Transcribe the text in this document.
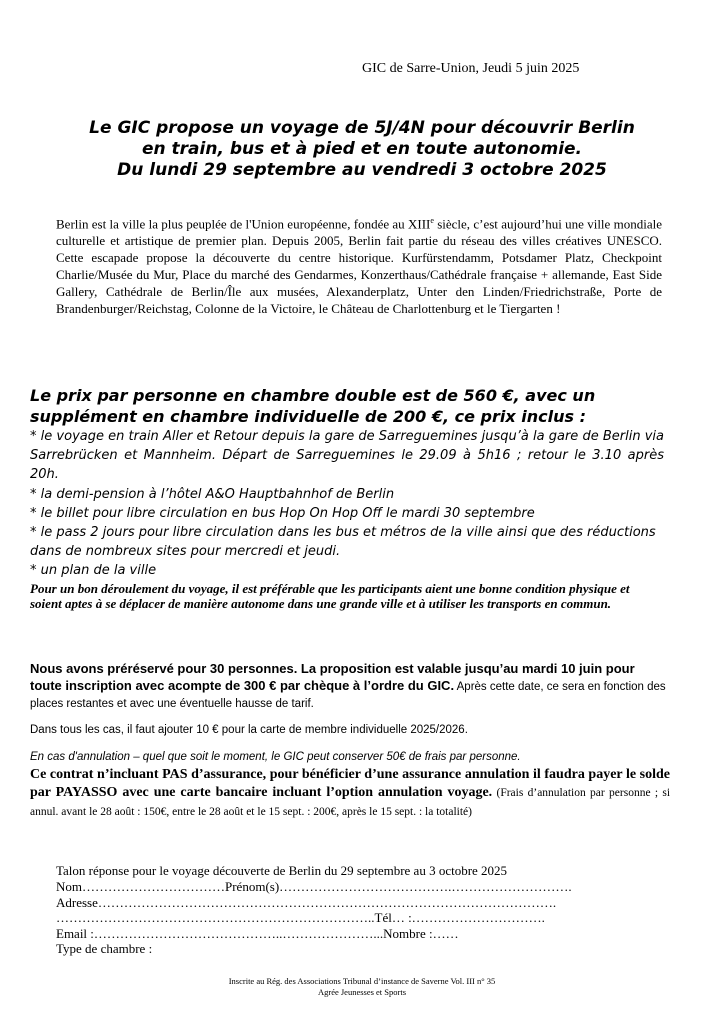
GIC de Sarre-Union, Jeudi 5 juin 2025

Le GIC propose un voyage de 5J/4N pour découvrir Berlin

en train, bus et à pied et en toute autonomie.

Du lundi 29 septembre au vendredi 3 octobre 2025

Berlin est la ville la plus peuplée de l'Union européenne, fondée au XIIIe siècle, c’est aujourd’hui une ville mondiale culturelle et artistique de premier plan. Depuis 2005, Berlin fait partie du réseau des villes créatives UNESCO. Cette escapade propose la découverte du centre historique. Kurfürstendamm, Potsdamer Platz, Checkpoint Charlie/Musée du Mur, Place du marché des Gendarmes, Konzerthaus/Cathédrale française + allemande, East Side Gallery, Cathédrale de Berlin/Île aux musées, Alexanderplatz, Unter den Linden/Friedrichstraße, Porte de Brandenburger/Reichstag, Colonne de la Victoire, le Château de Charlottenburg et le Tiergarten !

Le prix par personne en chambre double est de 560 €, avec un supplément en chambre individuelle de 200 €, ce prix inclus :

* le voyage en train Aller et Retour depuis la gare de Sarreguemines jusqu’à la gare de Berlin via Sarrebrücken et Mannheim. Départ de Sarreguemines le 29.09 à 5h16 ; retour le 3.10 après 20h.

* la demi-pension à l’hôtel A&O Hauptbahnhof de Berlin

* le billet pour libre circulation en bus Hop On Hop Off le mardi 30 septembre

* le pass 2 jours pour libre circulation dans les bus et métros de la ville ainsi que des réductions dans de nombreux sites pour mercredi et jeudi.

* un plan de la ville

Pour un bon déroulement du voyage, il est préférable que les participants aient une bonne condition physique et soient aptes à se déplacer de manière autonome dans une grande ville et à utiliser les transports en commun.

Nous avons préréservé pour 30 personnes. La proposition est valable jusqu’au mardi 10 juin pour toute inscription avec acompte de 300 € par chèque à l’ordre du GIC. Après cette date, ce sera en fonction des places restantes et avec une éventuelle hausse de tarif.
Dans tous les cas, il faut ajouter 10 € pour la carte de membre individuelle 2025/2026.

En cas d'annulation – quel que soit le moment, le GIC peut conserver 50€ de frais par personne.

Ce contrat n’incluant PAS d’assurance, pour bénéficier d’une assurance annulation il faudra payer le solde par PAYASSO avec une carte bancaire incluant l’option annulation voyage. (Frais d’annulation par personne ; si annul. avant le 28 août : 150€, entre le 28 août et le 15 sept. : 200€, après le 15 sept. : la totalité)

Talon réponse pour le voyage découverte de Berlin du 29 septembre au 3 octobre 2025

Nom……………………………Prénom(s)………………………………….……………………….

Adresse…………………………………………………………………………………………….

………………………………………………………………..Tél… :………………………….

Email :……………………………………..…………………...Nombre :……

Type de chambre :

Inscrite au Rég. des Associations Tribunal d’instance de Saverne Vol. III n° 35

Agrée Jeunesses et Sports
